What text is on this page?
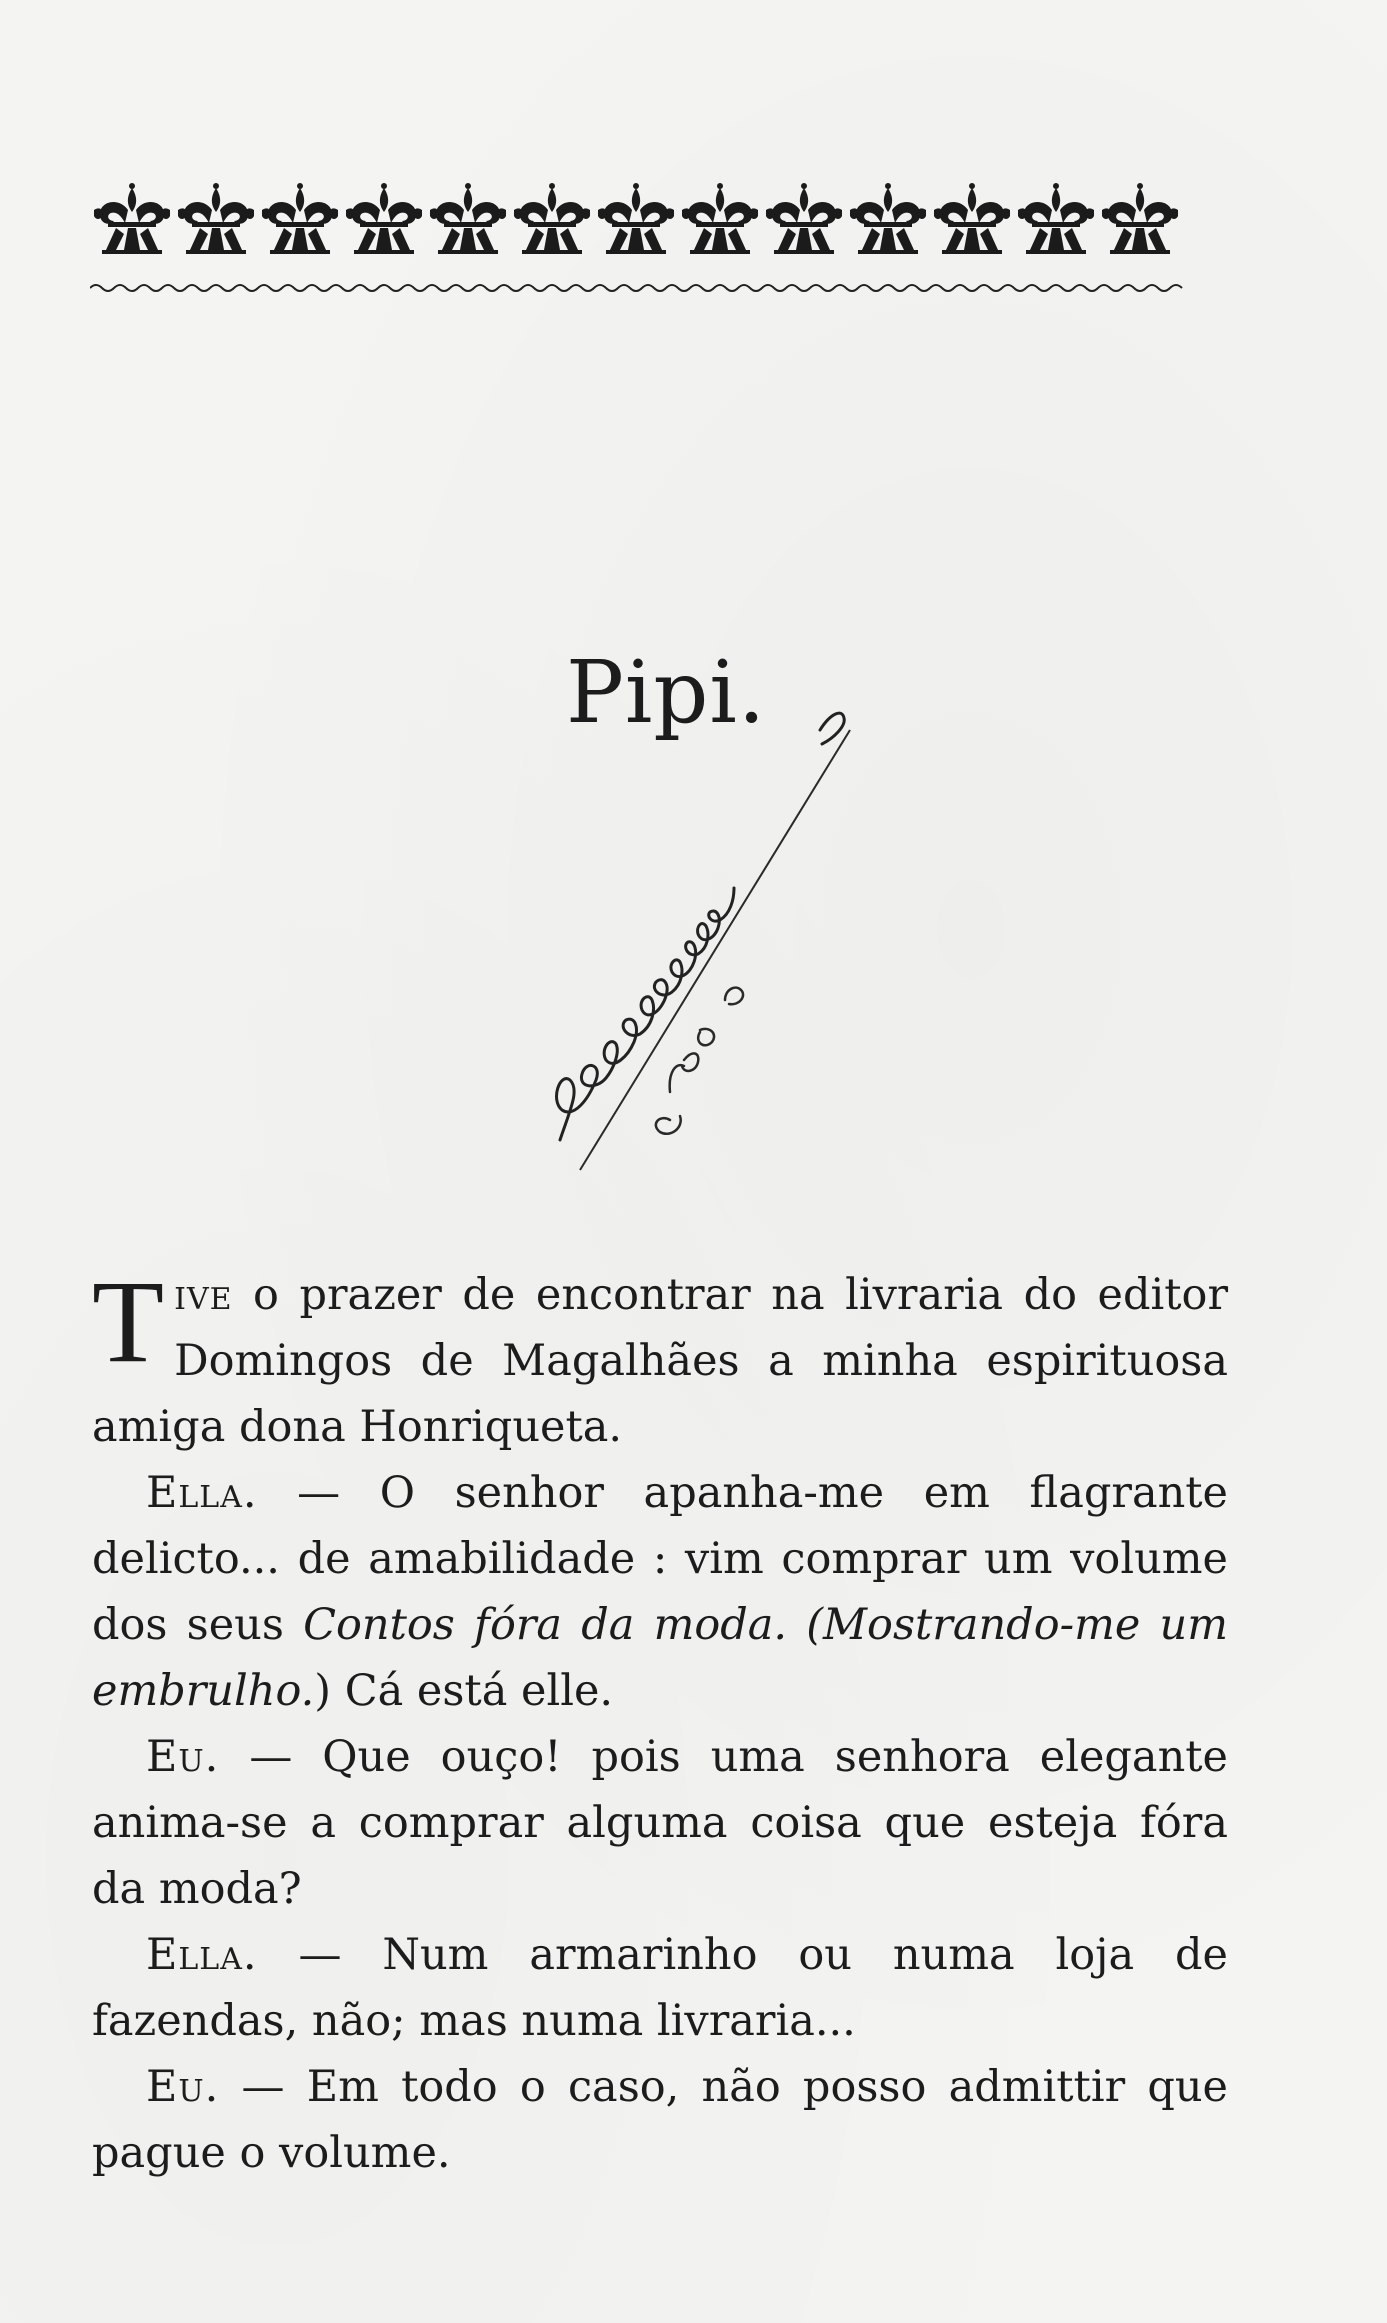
Pipi.

Tive o prazer de encontrar na livraria do editor Domingos de Magalhães a minha espirituosa amiga dona Honriqueta.

Ella. — O senhor apanha-me em flagrante delicto... de amabilidade : vim comprar um volume dos seus Contos fóra da moda. (Mostrando-me um embrulho.) Cá está elle.

Eu. — Que ouço! pois uma senhora elegante anima-se a comprar alguma coisa que esteja fóra da moda?

Ella. — Num armarinho ou numa loja de fazendas, não; mas numa livraria...

Eu. — Em todo o caso, não posso admittir que pague o volume.
